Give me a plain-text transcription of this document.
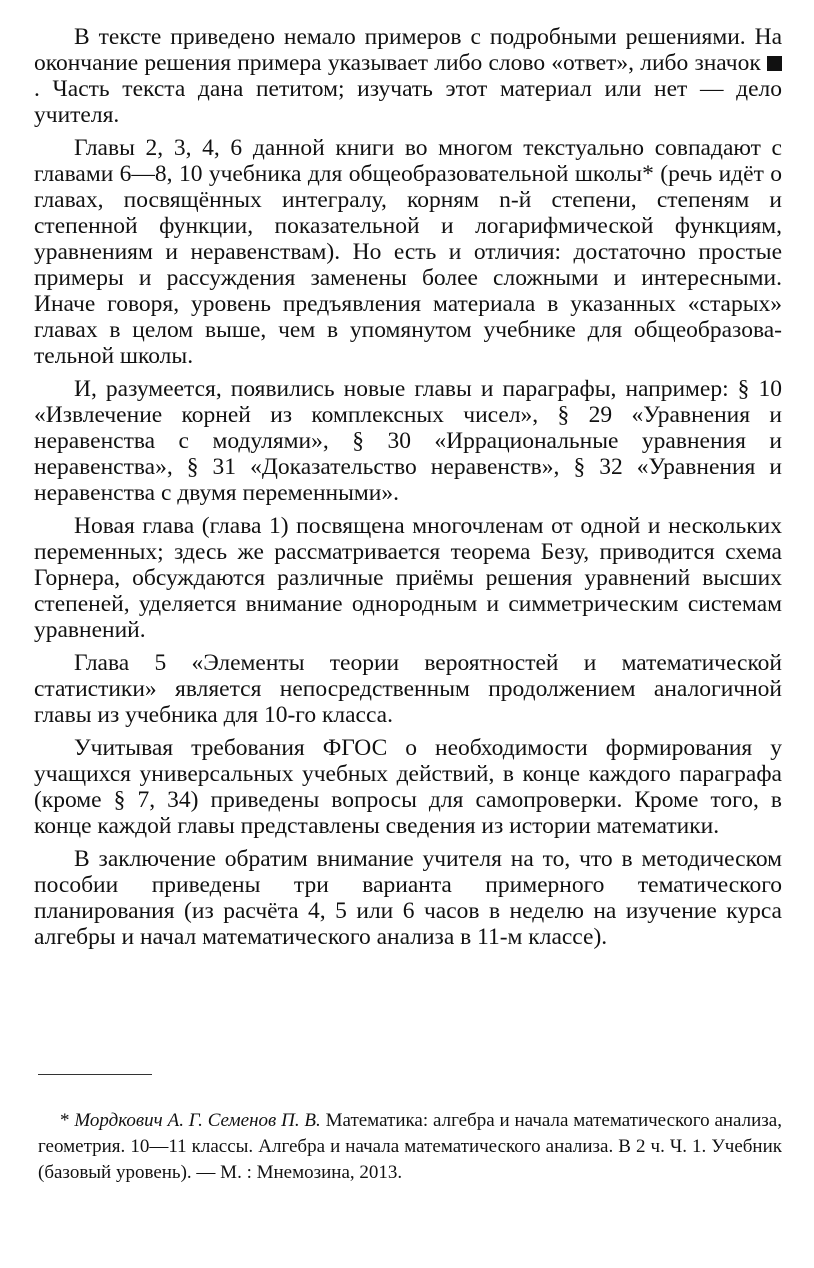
В тексте приведено немало примеров с подробными решениями. На окончание решения примера указывает либо слово «ответ», либо значок . Часть текста дана петитом; изучать этот материал или нет — дело учителя.

Главы 2, 3, 4, 6 данной книги во многом текстуально совпадают с главами 6—8, 10 учебника для общеобразовательной школы* (речь идёт о главах, посвящённых интегралу, корням n-й степени, степеням и степенной функции, показательной и логарифмической функциям, уравнениям и неравенствам). Но есть и отличия: достаточно простые примеры и рассуждения заменены более сложными и интересными. Иначе говоря, уровень предъявления материала в указанных «старых» главах в целом выше, чем в упомянутом учебнике для общеобразовательной школы.

И, разумеется, появились новые главы и параграфы, например: § 10 «Извлечение корней из комплексных чисел», § 29 «Уравнения и неравенства с модулями», § 30 «Иррациональные уравнения и неравенства», § 31 «Доказательство неравенств», § 32 «Уравнения и неравенства с двумя переменными».

Новая глава (глава 1) посвящена многочленам от одной и нескольких переменных; здесь же рассматривается теорема Безу, приводится схема Горнера, обсуждаются различные приёмы решения уравнений высших степеней, уделяется внимание однородным и симметрическим системам уравнений.

Глава 5 «Элементы теории вероятностей и математической статистики» является непосредственным продолжением аналогичной главы из учебника для 10-го класса.

Учитывая требования ФГОС о необходимости формирования у учащихся универсальных учебных действий, в конце каждого параграфа (кроме § 7, 34) приведены вопросы для самопроверки. Кроме того, в конце каждой главы представлены сведения из истории математики.

В заключение обратим внимание учителя на то, что в методическом пособии приведены три варианта примерного тематического планирования (из расчёта 4, 5 или 6 часов в неделю на изучение курса алгебры и начал математического анализа в 11-м классе).

* Мордкович А. Г. Семенов П. В. Математика: алгебра и начала математического анализа, геометрия. 10—11 классы. Алгебра и начала математического анализа. В 2 ч. Ч. 1. Учебник (базовый уровень). — М. : Мнемозина, 2013.
